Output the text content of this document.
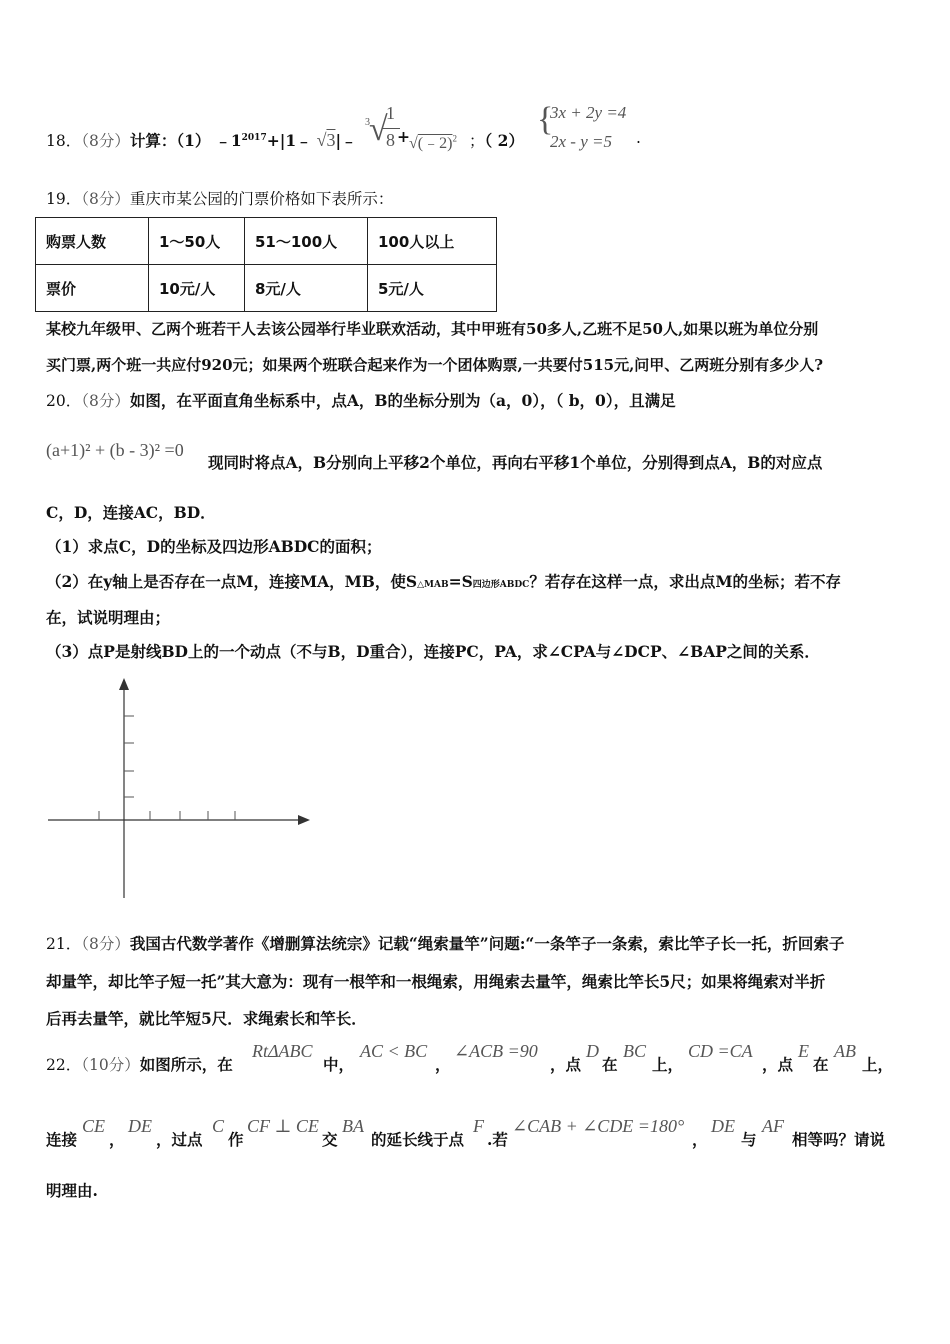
18．（8分）计算：（1） $﹣1^{2017}+|1﹣$ √3|﹣
3 √
1
8 + √(﹣2)$^2$ ；（ 2）
{
3x + 2y =4
2x - y =5 .
19．（8分）重庆市某公园的门票价格如下表所示：
购票人数	1～50人	51～100人	100人以上
票价	10元/人	8元/人	5元/人
某校九年级甲、乙两个班若干人去该公园举行毕业联欢活动，其中甲班有50多人,乙班不足50人,如果以班为单位分别
买门票,两个班一共应付920元；如果两个班联合起来作为一个团体购票,一共要付515元,问甲、乙两班分别有多少人?
20．（8分）如图，在平面直角坐标系中，点A，B的坐标分别为（a，0），（ b，0），且满足
(a+1)² + (b - 3)² =0
现同时将点A，B分别向上平移2个单位，再向右平移1个单位，分别得到点A，B的对应点
C，D，连接AC，BD．
（1）求点C，D的坐标及四边形ABDC的面积；
（2）在y轴上是否存在一点M，连接MA，MB，使S△MAB=S四边形ABDC？若存在这样一点，求出点M的坐标；若不存
在，试说明理由；
（3）点P是射线BD上的一个动点（不与B，D重合），连接PC，PA，求∠CPA与∠DCP、∠BAP之间的关系．
21．（8分）我国古代数学著作《增删算法统宗》记载“绳索量竿”问题:“一条竿子一条索，索比竿子长一托，折回索子
却量竿，却比竿子短一托”其大意为：现有一根竿和一根绳索，用绳索去量竿，绳索比竿长5尺；如果将绳索对半折
后再去量竿，就比竿短5尺．求绳索长和竿长．
22．（10分）如图所示，在
RtΔABC
中，
AC < BC
，
∠ACB =90
，点
D
在
BC
上，
CD =CA
，点
E
在
AB
上，
连接
CE
，
DE
，过点
C
作
CF ⊥ CE
交
BA
的延长线于点
F
.若
∠CAB + ∠CDE =180°
，
DE
与
AF
相等吗？请说
明理由.
